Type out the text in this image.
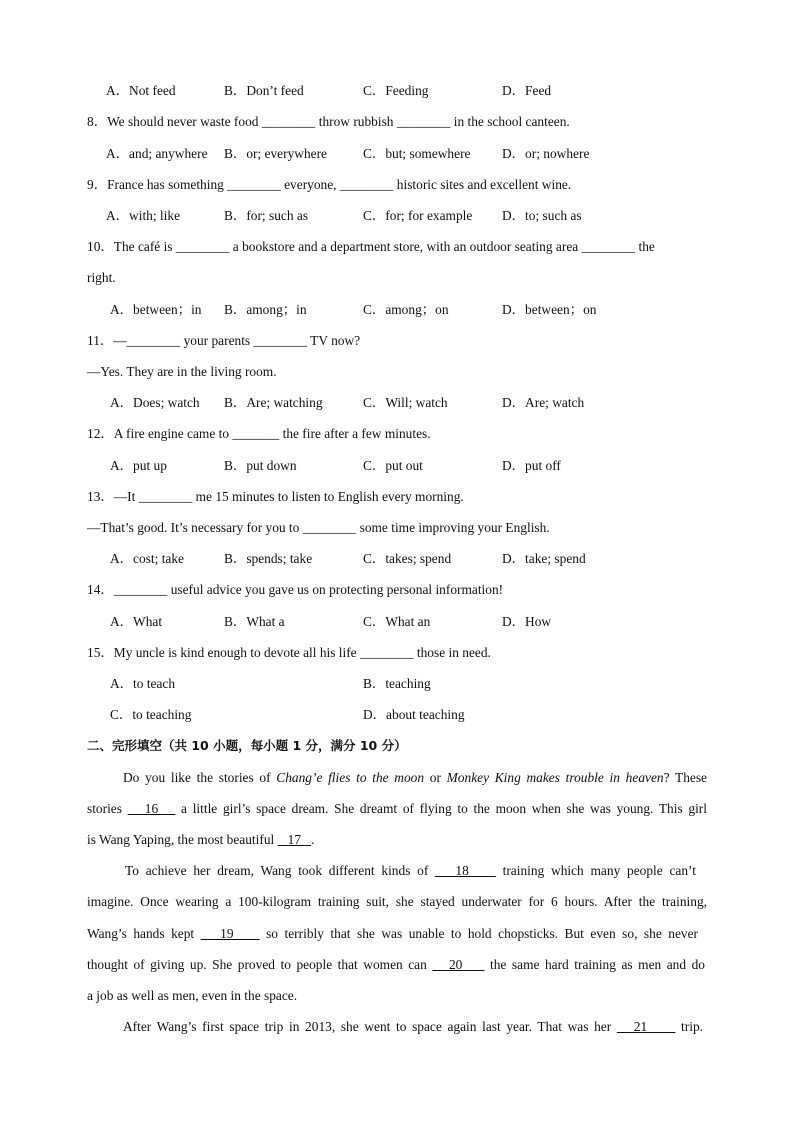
A．Not feed	B．Don’t feed	C．Feeding	D．Feed
8．We should never waste food ________ throw rubbish ________ in the school canteen.
A．and; anywhere B．or; everywhere	C．but; somewhere D．or; nowhere
9．France has something ________ everyone, ________ historic sites and excellent wine.
A．with; like	B．for; such as	C．for; for example D．to; such as
10．The café is ________ a bookstore and a department store, with an outdoor seating area ________ the
right.
A．between；in B．among；in	C．among；on	D．between；on
11．—________ your parents ________ TV now?
—Yes. They are in the living room.
A．Does; watch B．Are; watching	C．Will; watch	D．Are; watch
12．A fire engine came to _______ the fire after a few minutes.
A．put up	B．put down	C．put out	D．put off
13．—It ________ me 15 minutes to listen to English every morning.
—That’s good. It’s necessary for you to ________ some time improving your English.
A．cost; take	B．spends; take	C．takes; spend	D．take; spend
14．________ useful advice you gave us on protecting personal information!
A．What	B．What a	C．What an	D．How
15．My uncle is kind enough to devote all his life ________ those in need.
A．to teach	B．teaching
C．to teaching	D．about teaching
二、完形填空（共 10 小题，每小题 1 分，满分 10 分）
Do you like the stories of Chang’e flies to the moon or Monkey King makes trouble in heaven? These
stories    16    a little girl’s space dream. She dreamt of flying to the moon when she was young. This girl
is Wang Yaping, the most beautiful    17   .
To achieve her dream, Wang took different kinds of    18     training which many people can’t
imagine. Once wearing a 100-kilogram training suit, she stayed underwater for 6 hours. After the training,
Wang’s hands kept    19     so terribly that she was unable to hold chopsticks. But even so, she never
thought of giving up. She proved to people that women can    20     the same hard training as men and do
a job as well as men, even in the space.
After Wang’s first space trip in 2013, she went to space again last year. That was her    21      trip.
